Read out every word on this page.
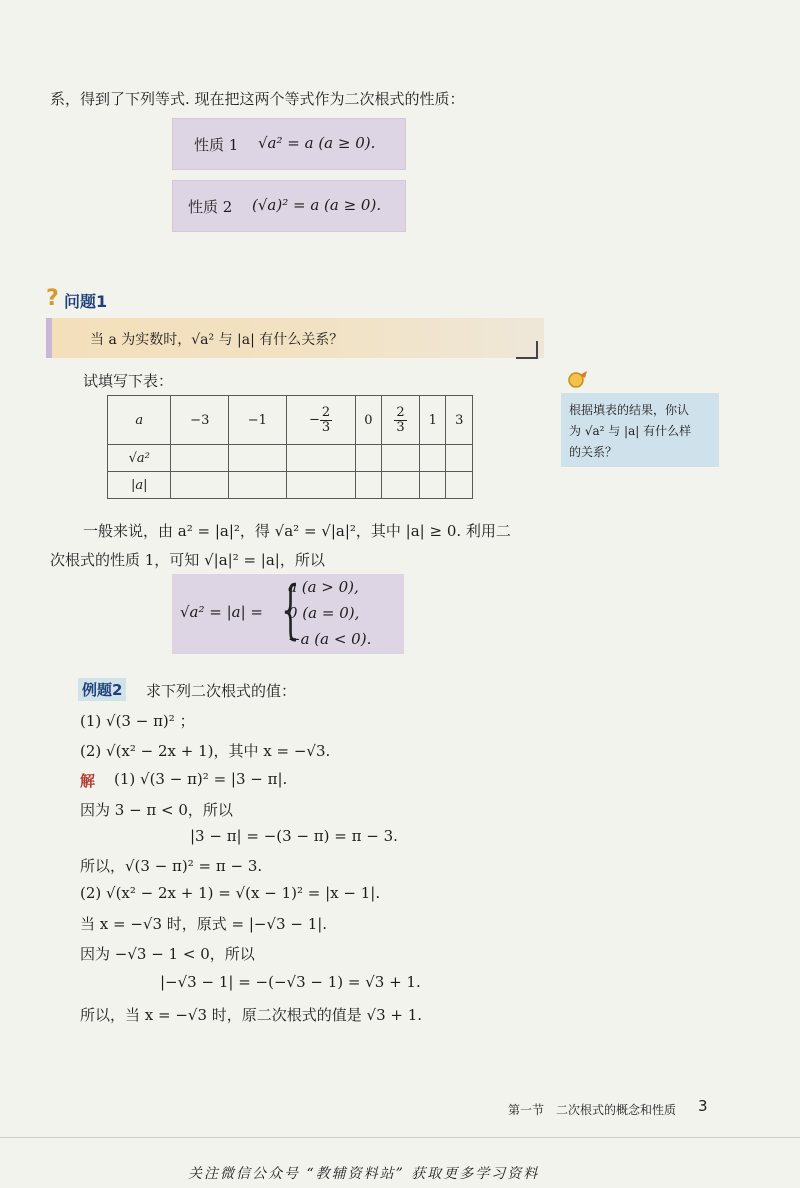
系，得到了下列等式. 现在把这两个等式作为二次根式的性质：
性质 1 √a² = a (a ≥ 0).
性质 2 (√a)² = a (a ≥ 0).
? 问题1
当 a 为实数时，√a² 与 |a| 有什么关系？
试填写下表：
a	−3	−1	− $\frac{2}{3}$	0	$\frac{2}{3}$	1	3
√a²							
|a|							
根据填表的结果，你认
为 √a² 与 |a| 有什么样
的关系？
一般来说，由 a² = |a|²，得 √a² = √|a|²，其中 |a| ≥ 0. 利用二
次根式的性质 1，可知 √|a|² = |a|，所以
√a² = |a| = {
a (a > 0),
0 (a = 0),
−a (a < 0).
例题2 求下列二次根式的值：
(1) √(3 − π)² ；
(2) √(x² − 2x + 1)，其中 x = −√3.
解 (1) √(3 − π)² = |3 − π|.
因为 3 − π < 0，所以
|3 − π| = −(3 − π) = π − 3.
所以，√(3 − π)² = π − 3.
(2) √(x² − 2x + 1) = √(x − 1)² = |x − 1|.
当 x = −√3 时，原式 = |−√3 − 1|.
因为 −√3 − 1 < 0，所以
|−√3 − 1| = −(−√3 − 1) = √3 + 1.
所以，当 x = −√3 时，原二次根式的值是 √3 + 1.
第一节 二次根式的概念和性质 3
关注微信公众号 “教辅资料站” 获取更多学习资料
